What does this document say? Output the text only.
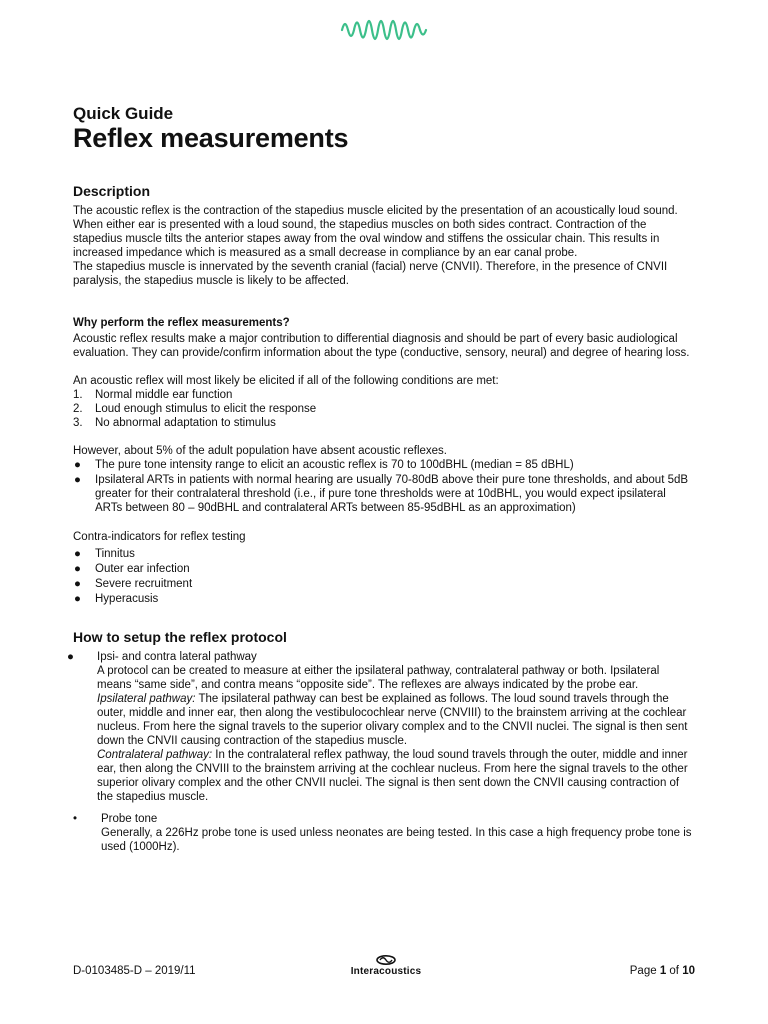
Quick Guide
Reflex measurements
Description

The acoustic reflex is the contraction of the stapedius muscle elicited by the presentation of an acoustically loud sound. When either ear is presented with a loud sound, the stapedius muscles on both sides contract. Contraction of the stapedius muscle tilts the anterior stapes away from the oval window and stiffens the ossicular chain. This results in increased impedance which is measured as a small decrease in compliance by an ear canal probe.

The stapedius muscle is innervated by the seventh cranial (facial) nerve (CNVII). Therefore, in the presence of CNVII paralysis, the stapedius muscle is likely to be affected.

Why perform the reflex measurements?

Acoustic reflex results make a major contribution to differential diagnosis and should be part of every basic audiological evaluation. They can provide/confirm information about the type (conductive, sensory, neural) and degree of hearing loss.

An acoustic reflex will most likely be elicited if all of the following conditions are met:

1. Normal middle ear function
2. Loud enough stimulus to elicit the response
3. No abnormal adaptation to stimulus

However, about 5% of the adult population have absent acoustic reflexes.

● The pure tone intensity range to elicit an acoustic reflex is 70 to 100dBHL (median = 85 dBHL)
● Ipsilateral ARTs in patients with normal hearing are usually 70-80dB above their pure tone thresholds, and about 5dB greater for their contralateral threshold (i.e., if pure tone thresholds were at 10dBHL, you would expect ipsilateral ARTs between 80 – 90dBHL and contralateral ARTs between 85-95dBHL as an approximation)

Contra-indicators for reflex testing

● Tinnitus
● Outer ear infection
● Severe recruitment
● Hyperacusis
How to setup the reflex protocol
● Ipsi- and contra lateral pathway
A protocol can be created to measure at either the ipsilateral pathway, contralateral pathway or both. Ipsilateral means “same side”, and contra means “opposite side”. The reflexes are always indicated by the probe ear.
Ipsilateral pathway: The ipsilateral pathway can best be explained as follows. The loud sound travels through the outer, middle and inner ear, then along the vestibulocochlear nerve (CNVIII) to the brainstem arriving at the cochlear nucleus. From here the signal travels to the superior olivary complex and to the CNVII nuclei. The signal is then sent down the CNVII causing contraction of the stapedius muscle.
Contralateral pathway: In the contralateral reflex pathway, the loud sound travels through the outer, middle and inner ear, then along the CNVIII to the brainstem arriving at the cochlear nucleus. From here the signal travels to the other superior olivary complex and the other CNVII nuclei. The signal is then sent down the CNVII causing contraction of the stapedius muscle.
• Probe tone
Generally, a 226Hz probe tone is used unless neonates are being tested. In this case a high frequency probe tone is used (1000Hz).
D-0103485-D – 2019/11	Interacoustics	Page 1 of 10
